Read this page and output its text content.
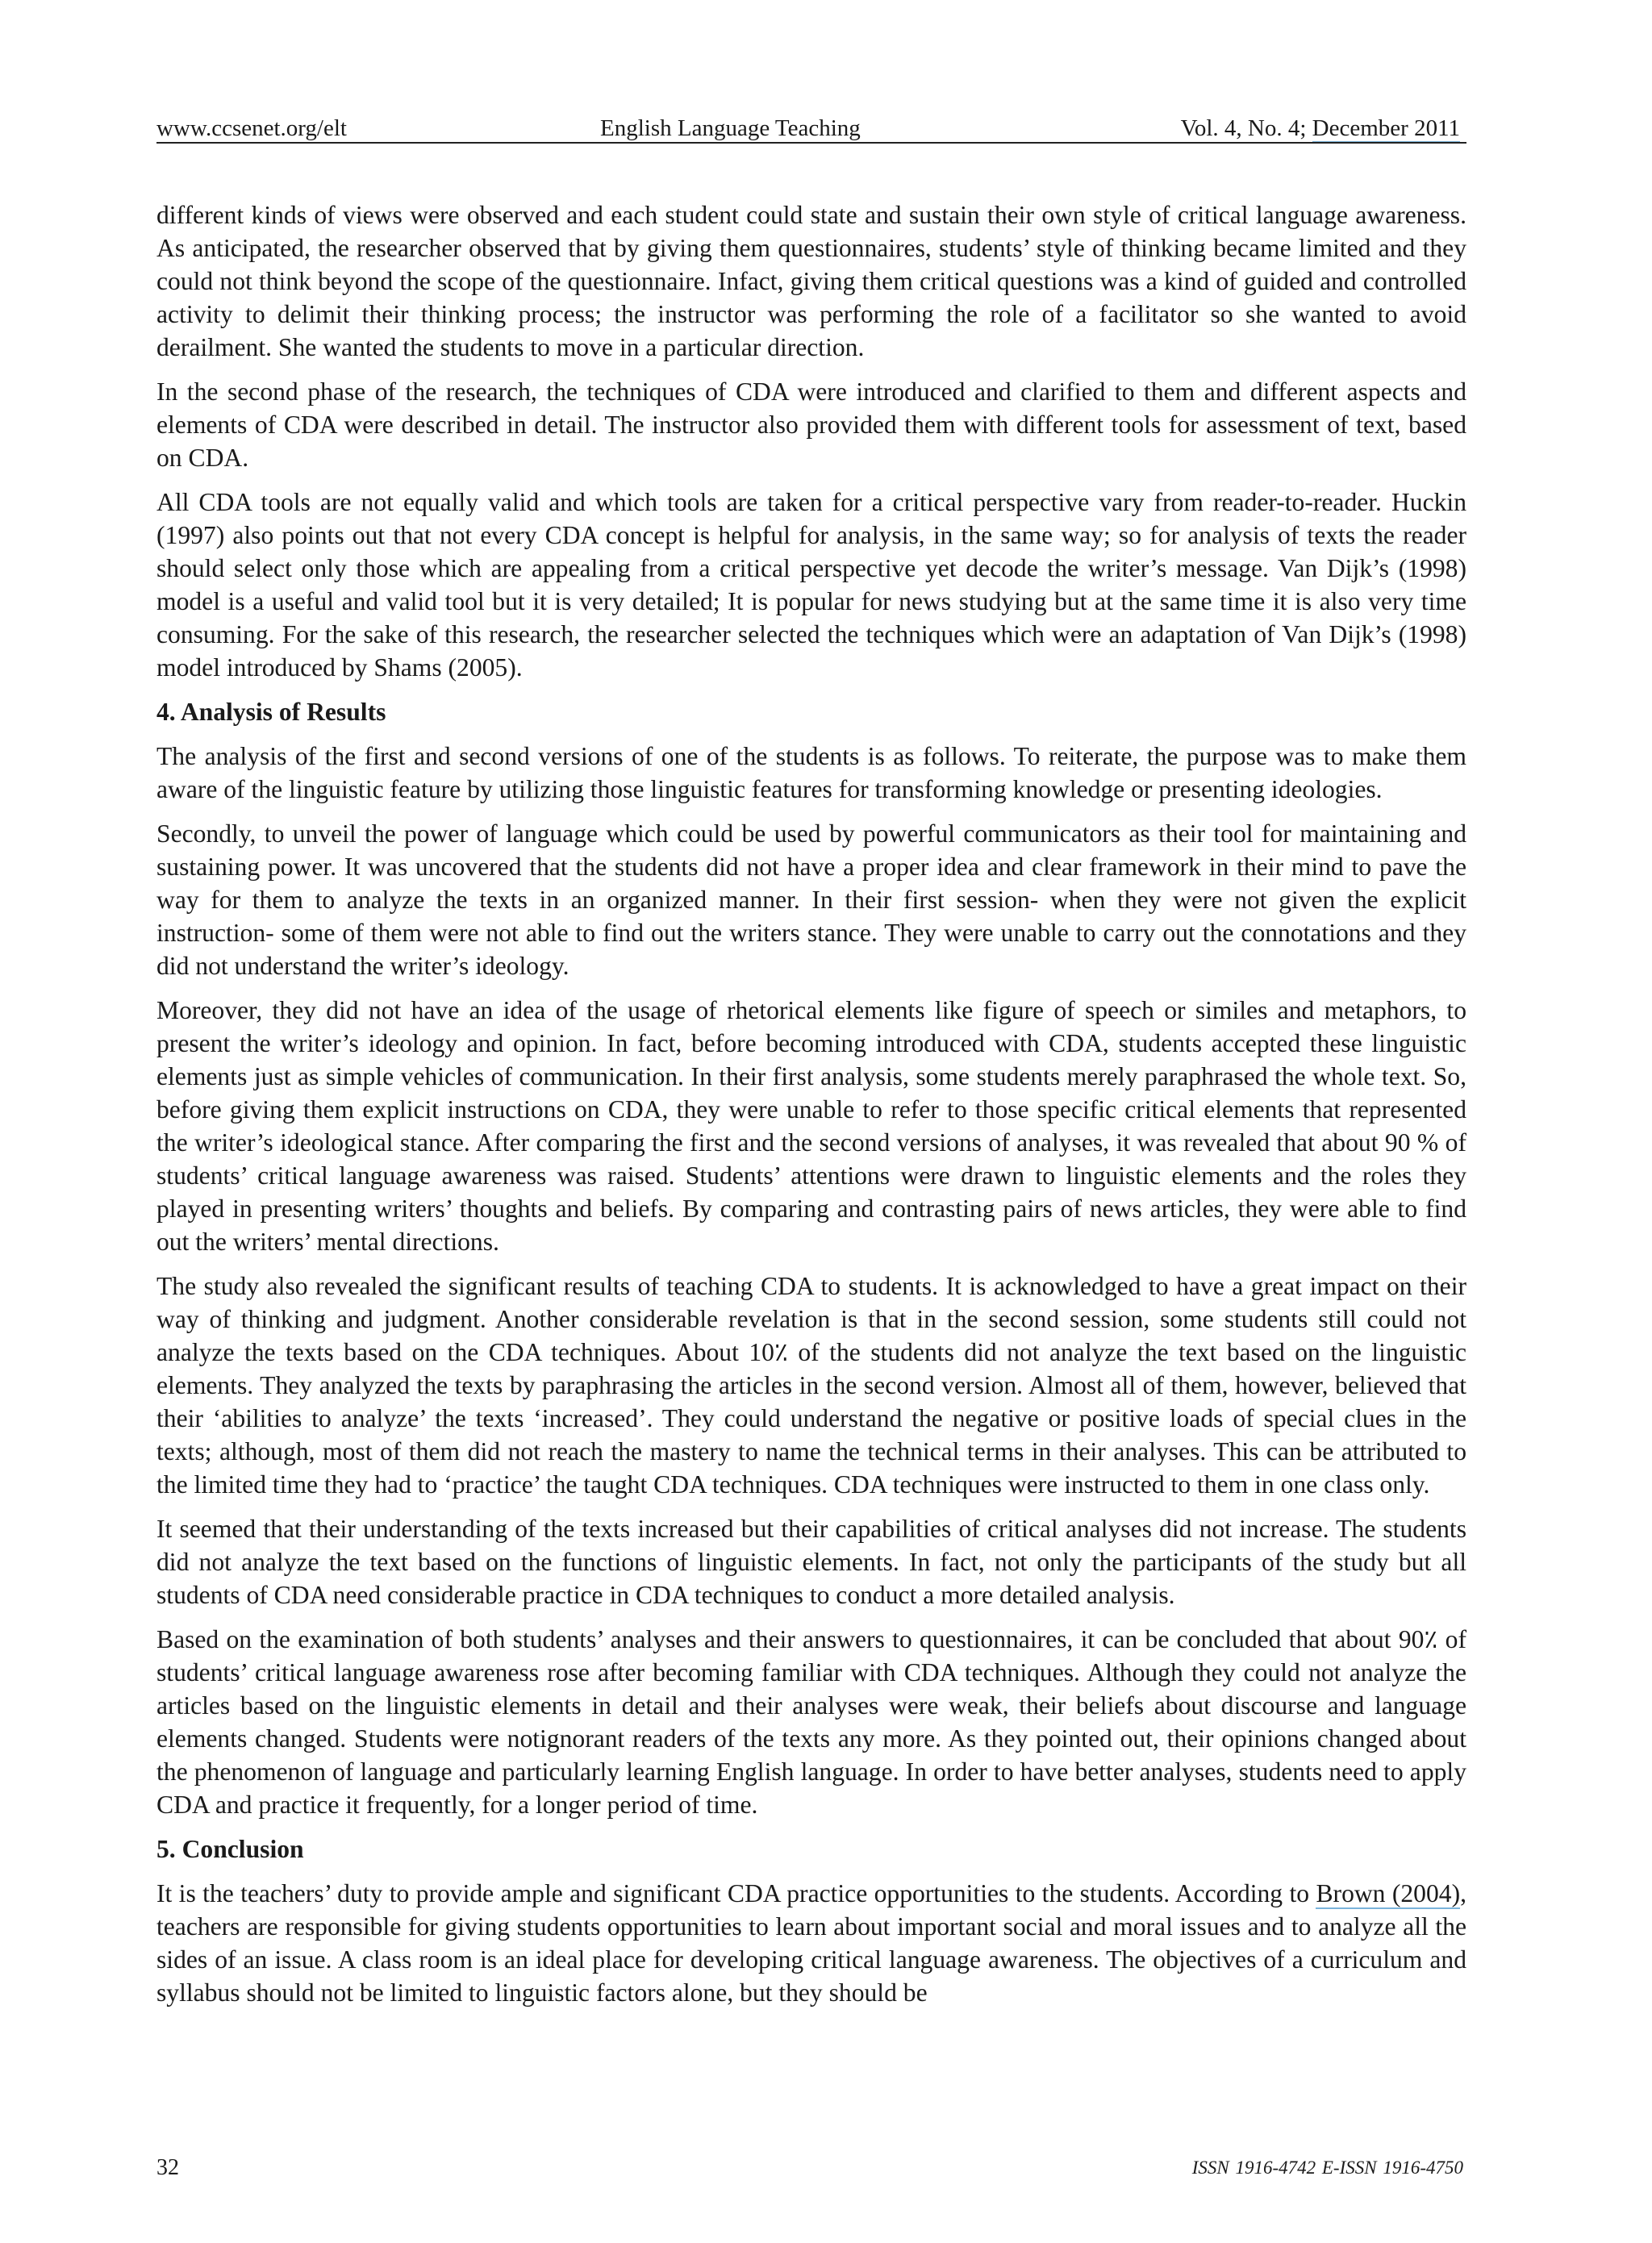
www.ccsenet.org/elt	English Language Teaching	Vol. 4, No. 4; December 2011

different kinds of views were observed and each student could state and sustain their own style of critical language awareness. As anticipated, the researcher observed that by giving them questionnaires, students’ style of thinking became limited and they could not think beyond the scope of the questionnaire. Infact, giving them critical questions was a kind of guided and controlled activity to delimit their thinking process; the instructor was performing the role of a facilitator so she wanted to avoid derailment. She wanted the students to move in a particular direction.

In the second phase of the research, the techniques of CDA were introduced and clarified to them and different aspects and elements of CDA were described in detail. The instructor also provided them with different tools for assessment of text, based on CDA.

All CDA tools are not equally valid and which tools are taken for a critical perspective vary from reader-to-reader. Huckin (1997) also points out that not every CDA concept is helpful for analysis, in the same way; so for analysis of texts the reader should select only those which are appealing from a critical perspective yet decode the writer’s message. Van Dijk’s (1998) model is a useful and valid tool but it is very detailed; It is popular for news studying but at the same time it is also very time consuming. For the sake of this research, the researcher selected the techniques which were an adaptation of Van Dijk’s (1998) model introduced by Shams (2005).

4. Analysis of Results

The analysis of the first and second versions of one of the students is as follows. To reiterate, the purpose was to make them aware of the linguistic feature by utilizing those linguistic features for transforming knowledge or presenting ideologies.

Secondly, to unveil the power of language which could be used by powerful communicators as their tool for maintaining and sustaining power. It was uncovered that the students did not have a proper idea and clear framework in their mind to pave the way for them to analyze the texts in an organized manner. In their first session- when they were not given the explicit instruction- some of them were not able to find out the writers stance. They were unable to carry out the connotations and they did not understand the writer’s ideology.

Moreover, they did not have an idea of the usage of rhetorical elements like figure of speech or similes and metaphors, to present the writer’s ideology and opinion. In fact, before becoming introduced with CDA, students accepted these linguistic elements just as simple vehicles of communication. In their first analysis, some students merely paraphrased the whole text. So, before giving them explicit instructions on CDA, they were unable to refer to those specific critical elements that represented the writer’s ideological stance. After comparing the first and the second versions of analyses, it was revealed that about 90 % of students’ critical language awareness was raised. Students’ attentions were drawn to linguistic elements and the roles they played in presenting writers’ thoughts and beliefs. By comparing and contrasting pairs of news articles, they were able to find out the writers’ mental directions.

The study also revealed the significant results of teaching CDA to students. It is acknowledged to have a great impact on their way of thinking and judgment. Another considerable revelation is that in the second session, some students still could not analyze the texts based on the CDA techniques. About 10٪ of the students did not analyze the text based on the linguistic elements. They analyzed the texts by paraphrasing the articles in the second version. Almost all of them, however, believed that their ‘abilities to analyze’ the texts ‘increased’. They could understand the negative or positive loads of special clues in the texts; although, most of them did not reach the mastery to name the technical terms in their analyses. This can be attributed to the limited time they had to ‘practice’ the taught CDA techniques. CDA techniques were instructed to them in one class only.

It seemed that their understanding of the texts increased but their capabilities of critical analyses did not increase. The students did not analyze the text based on the functions of linguistic elements. In fact, not only the participants of the study but all students of CDA need considerable practice in CDA techniques to conduct a more detailed analysis.

Based on the examination of both students’ analyses and their answers to questionnaires, it can be concluded that about 90٪ of students’ critical language awareness rose after becoming familiar with CDA techniques. Although they could not analyze the articles based on the linguistic elements in detail and their analyses were weak, their beliefs about discourse and language elements changed. Students were notignorant readers of the texts any more. As they pointed out, their opinions changed about the phenomenon of language and particularly learning English language. In order to have better analyses, students need to apply CDA and practice it frequently, for a longer period of time.

5. Conclusion

It is the teachers’ duty to provide ample and significant CDA practice opportunities to the students. According to Brown (2004), teachers are responsible for giving students opportunities to learn about important social and moral issues and to analyze all the sides of an issue. A class room is an ideal place for developing critical language awareness. The objectives of a curriculum and syllabus should not be limited to linguistic factors alone, but they should be

32	ISSN 1916-4742 E-ISSN 1916-4750
